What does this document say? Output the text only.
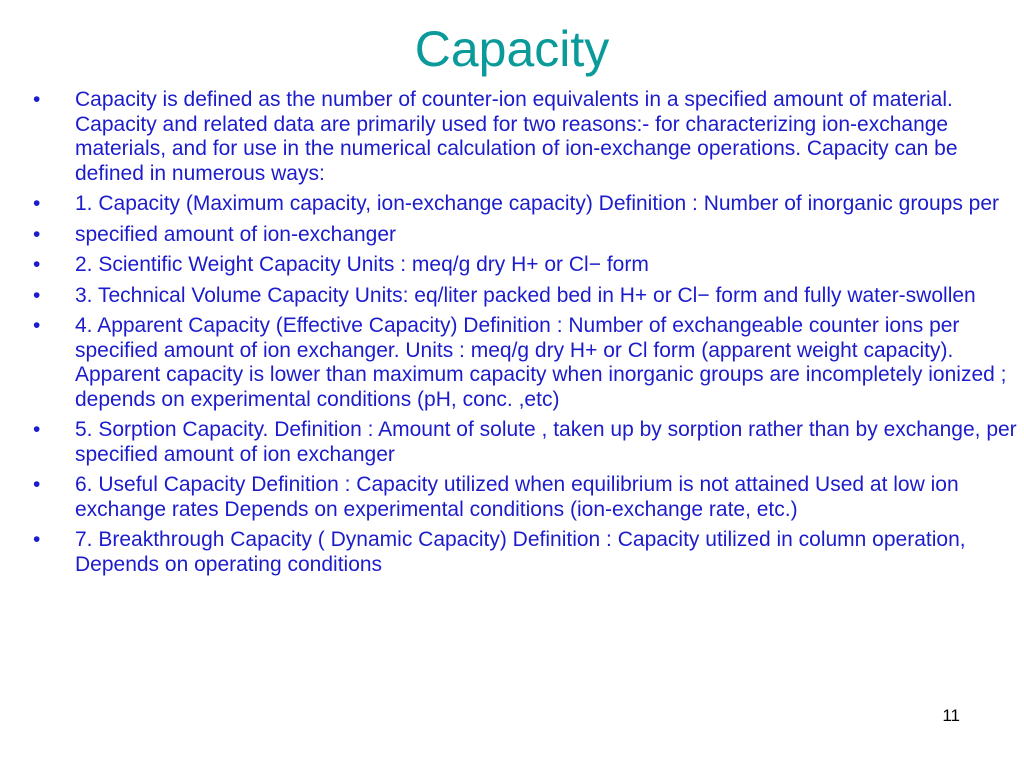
Capacity
•	Capacity is defined as the number of counter-ion equivalents in a specified amount of material. Capacity and related data are primarily used for two reasons:- for characterizing ion-exchange materials, and for use in the numerical calculation of ion-exchange operations. Capacity can be defined in numerous ways:
•	1. Capacity (Maximum capacity, ion-exchange capacity) Definition : Number of inorganic groups per
•	specified amount of ion-exchanger
•	2. Scientific Weight Capacity Units : meq/g dry H+ or Cl− form
•	3. Technical Volume Capacity Units: eq/liter packed bed in H+ or Cl− form and fully water-swollen
•	4. Apparent Capacity (Effective Capacity) Definition : Number of exchangeable counter ions per specified amount of ion exchanger. Units : meq/g dry H+ or Cl form (apparent weight capacity). Apparent capacity is lower than maximum capacity when inorganic groups are incompletely ionized ; depends on experimental conditions (pH, conc. ,etc)
•	5. Sorption Capacity. Definition : Amount of solute , taken up by sorption rather than by exchange, per specified amount of ion exchanger
•	6. Useful Capacity Definition : Capacity utilized when equilibrium is not attained Used at low ion exchange rates Depends on experimental conditions (ion-exchange rate, etc.)
•	7. Breakthrough Capacity ( Dynamic Capacity) Definition : Capacity utilized in column operation, Depends on operating conditions
11
